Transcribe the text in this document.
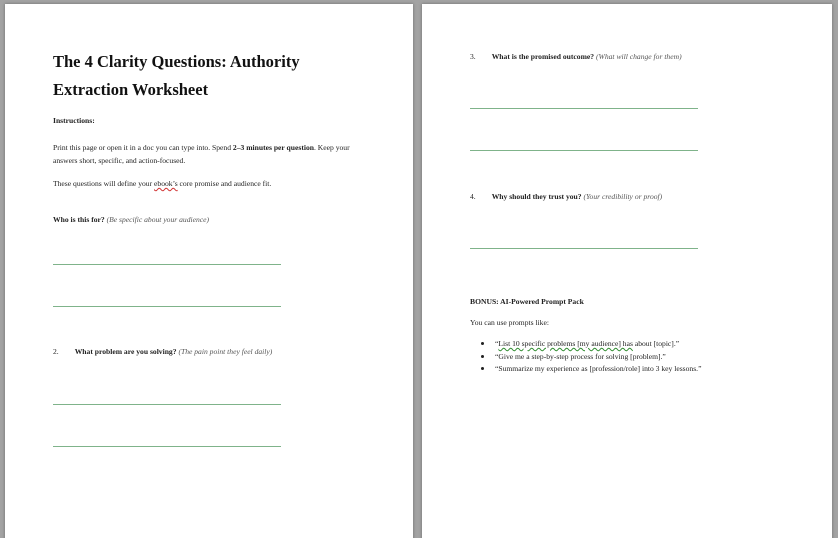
The 4 Clarity Questions: Authority Extraction Worksheet
Instructions:
Print this page or open it in a doc you can type into. Spend 2–3 minutes per question. Keep your answers short, specific, and action-focused.
These questions will define your ebook’s core promise and audience fit.
Who is this for? (Be specific about your audience)
2. What problem are you solving? (The pain point they feel daily)
3. What is the promised outcome? (What will change for them)
4. Why should they trust you? (Your credibility or proof)
BONUS: AI-Powered Prompt Pack
You can use prompts like:
“List 10 specific problems [my audience] has about [topic].”
“Give me a step-by-step process for solving [problem].”
“Summarize my experience as [profession/role] into 3 key lessons.”
